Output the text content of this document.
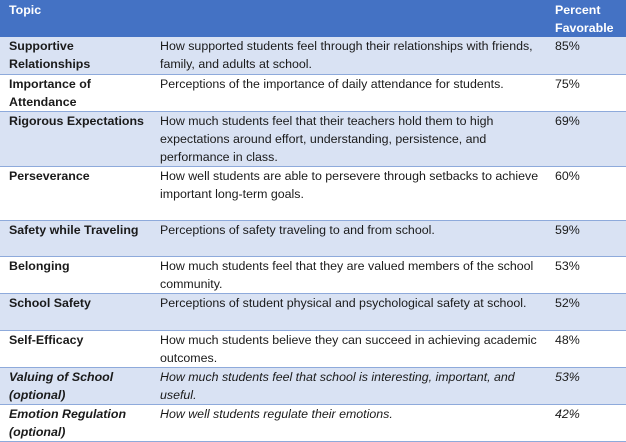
Topic		Percent Favorable
Supportive Relationships	How supported students feel through their relationships with friends, family, and adults at school.	85%
Importance of Attendance	Perceptions of the importance of daily attendance for students.	75%
Rigorous Expectations	How much students feel that their teachers hold them to high expectations around effort, understanding, persistence, and performance in class.	69%
Perseverance	How well students are able to persevere through setbacks to achieve important long-term goals.	60%
Safety while Traveling	Perceptions of safety traveling to and from school.	59%
Belonging	How much students feel that they are valued members of the school community.	53%
School Safety	Perceptions of student physical and psychological safety at school.	52%
Self-Efficacy	How much students believe they can succeed in achieving academic outcomes.	48%
Valuing of School (optional)	How much students feel that school is interesting, important, and useful.	53%
Emotion Regulation (optional)	How well students regulate their emotions.	42%
